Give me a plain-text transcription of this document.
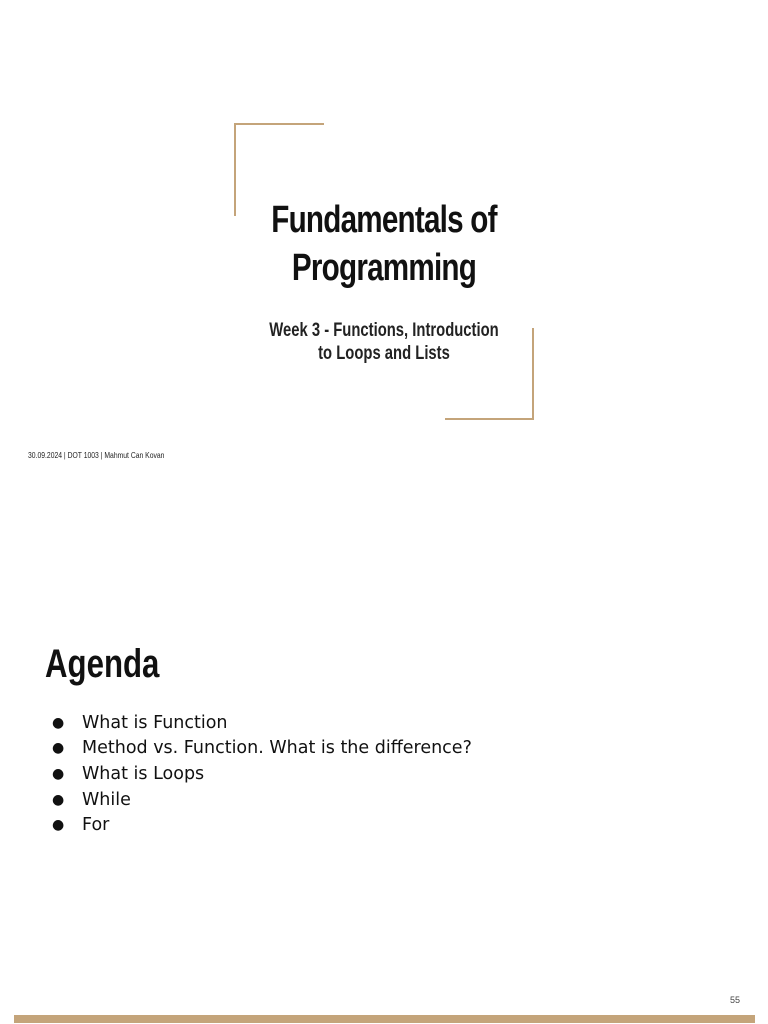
Fundamentals of
Programming
Week 3 - Functions, Introduction
to Loops and Lists
30.09.2024 | DOT 1003 | Mahmut Can Kovan
Agenda
●	What is Function
●	Method vs. Function. What is the difference?
●	What is Loops
●	While
●	For
55
